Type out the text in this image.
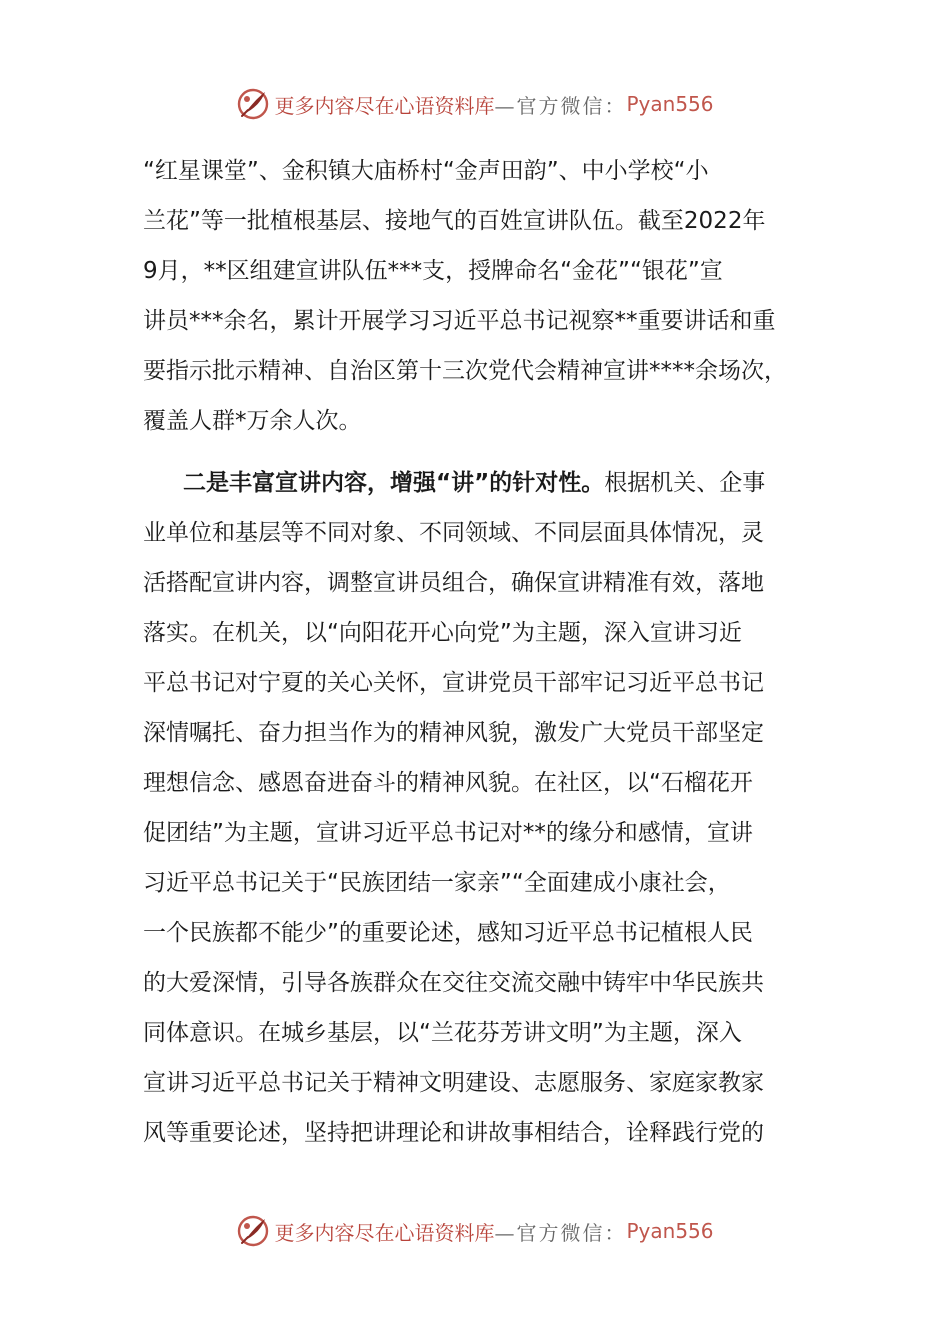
更多内容尽在心语资料库 —官方微信： Pyan556
“红星课堂”、金积镇大庙桥村“金声田韵”、中小学校“小
兰花”等一批植根基层、接地气的百姓宣讲队伍。截至2022年
9月，**区组建宣讲队伍***支，授牌命名“金花”“银花”宣
讲员***余名，累计开展学习习近平总书记视察**重要讲话和重
要指示批示精神、自治区第十三次党代会精神宣讲****余场次，
覆盖人群*万余人次。
二是丰富宣讲内容，增强“讲”的针对性。根据机关、企事
业单位和基层等不同对象、不同领域、不同层面具体情况，灵
活搭配宣讲内容，调整宣讲员组合，确保宣讲精准有效，落地
落实。在机关，以“向阳花开心向党”为主题，深入宣讲习近
平总书记对宁夏的关心关怀，宣讲党员干部牢记习近平总书记
深情嘱托、奋力担当作为的精神风貌，激发广大党员干部坚定
理想信念、感恩奋进奋斗的精神风貌。在社区，以“石榴花开
促团结”为主题，宣讲习近平总书记对**的缘分和感情，宣讲
习近平总书记关于“民族团结一家亲”“全面建成小康社会，
一个民族都不能少”的重要论述，感知习近平总书记植根人民
的大爱深情，引导各族群众在交往交流交融中铸牢中华民族共
同体意识。在城乡基层，以“兰花芬芳讲文明”为主题，深入
宣讲习近平总书记关于精神文明建设、志愿服务、家庭家教家
风等重要论述，坚持把讲理论和讲故事相结合，诠释践行党的
更多内容尽在心语资料库 —官方微信： Pyan556
